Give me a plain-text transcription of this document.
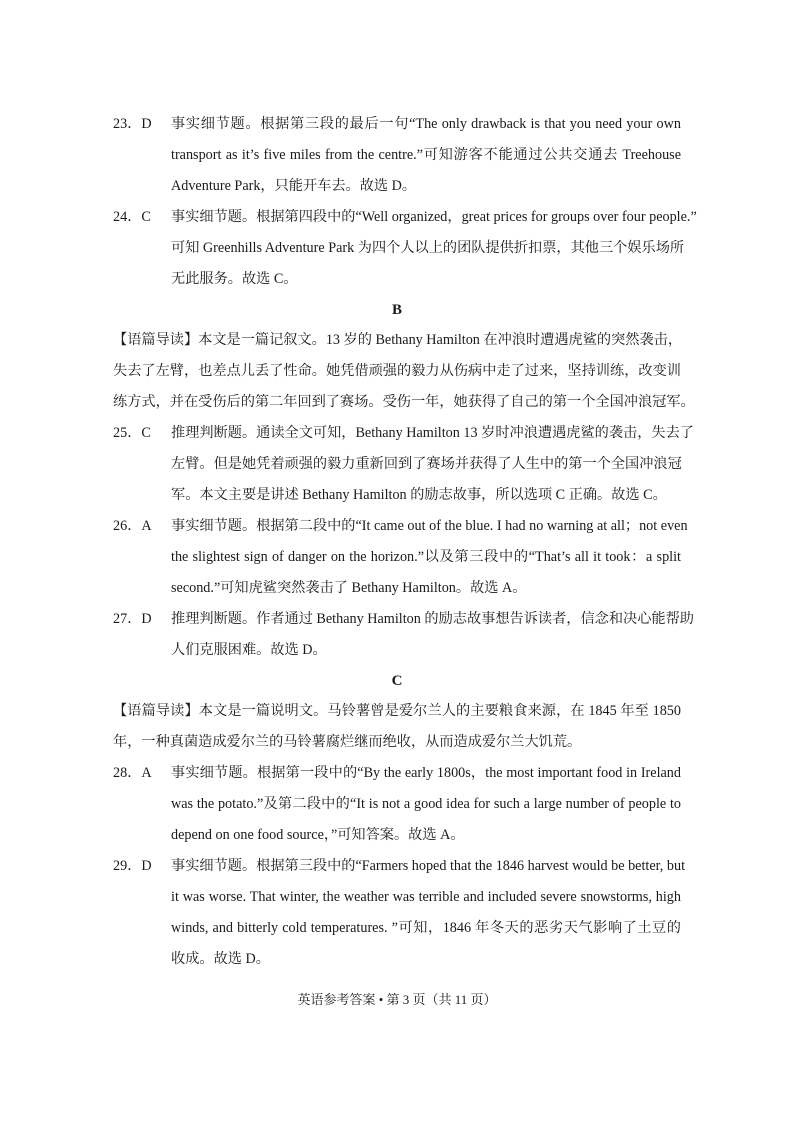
23．D 事实细节题。根据第三段的最后一句“The only drawback is that you need your own
transport as it’s five miles from the centre.”可知游客不能通过公共交通去 Treehouse
Adventure Park，只能开车去。故选 D。
24．C 事实细节题。根据第四段中的“Well organized，great prices for groups over four people.”
可知 Greenhills Adventure Park 为四个人以上的团队提供折扣票，其他三个娱乐场所
无此服务。故选 C。
B
【语篇导读】本文是一篇记叙文。13 岁的 Bethany Hamilton 在冲浪时遭遇虎鲨的突然袭击，
失去了左臂，也差点儿丢了性命。她凭借顽强的毅力从伤病中走了过来，坚持训练，改变训
练方式，并在受伤后的第二年回到了赛场。受伤一年，她获得了自己的第一个全国冲浪冠军。
25．C 推理判断题。通读全文可知，Bethany Hamilton 13 岁时冲浪遭遇虎鲨的袭击，失去了
左臂。但是她凭着顽强的毅力重新回到了赛场并获得了人生中的第一个全国冲浪冠
军。本文主要是讲述 Bethany Hamilton 的励志故事，所以选项 C 正确。故选 C。
26．A 事实细节题。根据第二段中的“It came out of the blue. I had no warning at all；not even
the slightest sign of danger on the horizon.”以及第三段中的“That’s all it took：a split
second.”可知虎鲨突然袭击了 Bethany Hamilton。故选 A。
27．D 推理判断题。作者通过 Bethany Hamilton 的励志故事想告诉读者，信念和决心能帮助
人们克服困难。故选 D。
C
【语篇导读】本文是一篇说明文。马铃薯曾是爱尔兰人的主要粮食来源，在 1845 年至 1850
年，一种真菌造成爱尔兰的马铃薯腐烂继而绝收，从而造成爱尔兰大饥荒。
28．A 事实细节题。根据第一段中的“By the early 1800s，the most important food in Ireland
was the potato.”及第二段中的“It is not a good idea for such a large number of people to
depend on one food source，”可知答案。故选 A。
29．D 事实细节题。根据第三段中的“Farmers hoped that the 1846 harvest would be better, but
it was worse. That winter, the weather was terrible and included severe snowstorms, high
winds, and bitterly cold temperatures. ”可知，1846 年冬天的恶劣天气影响了土豆的
收成。故选 D。
英语参考答案 • 第 3 页（共 11 页）
